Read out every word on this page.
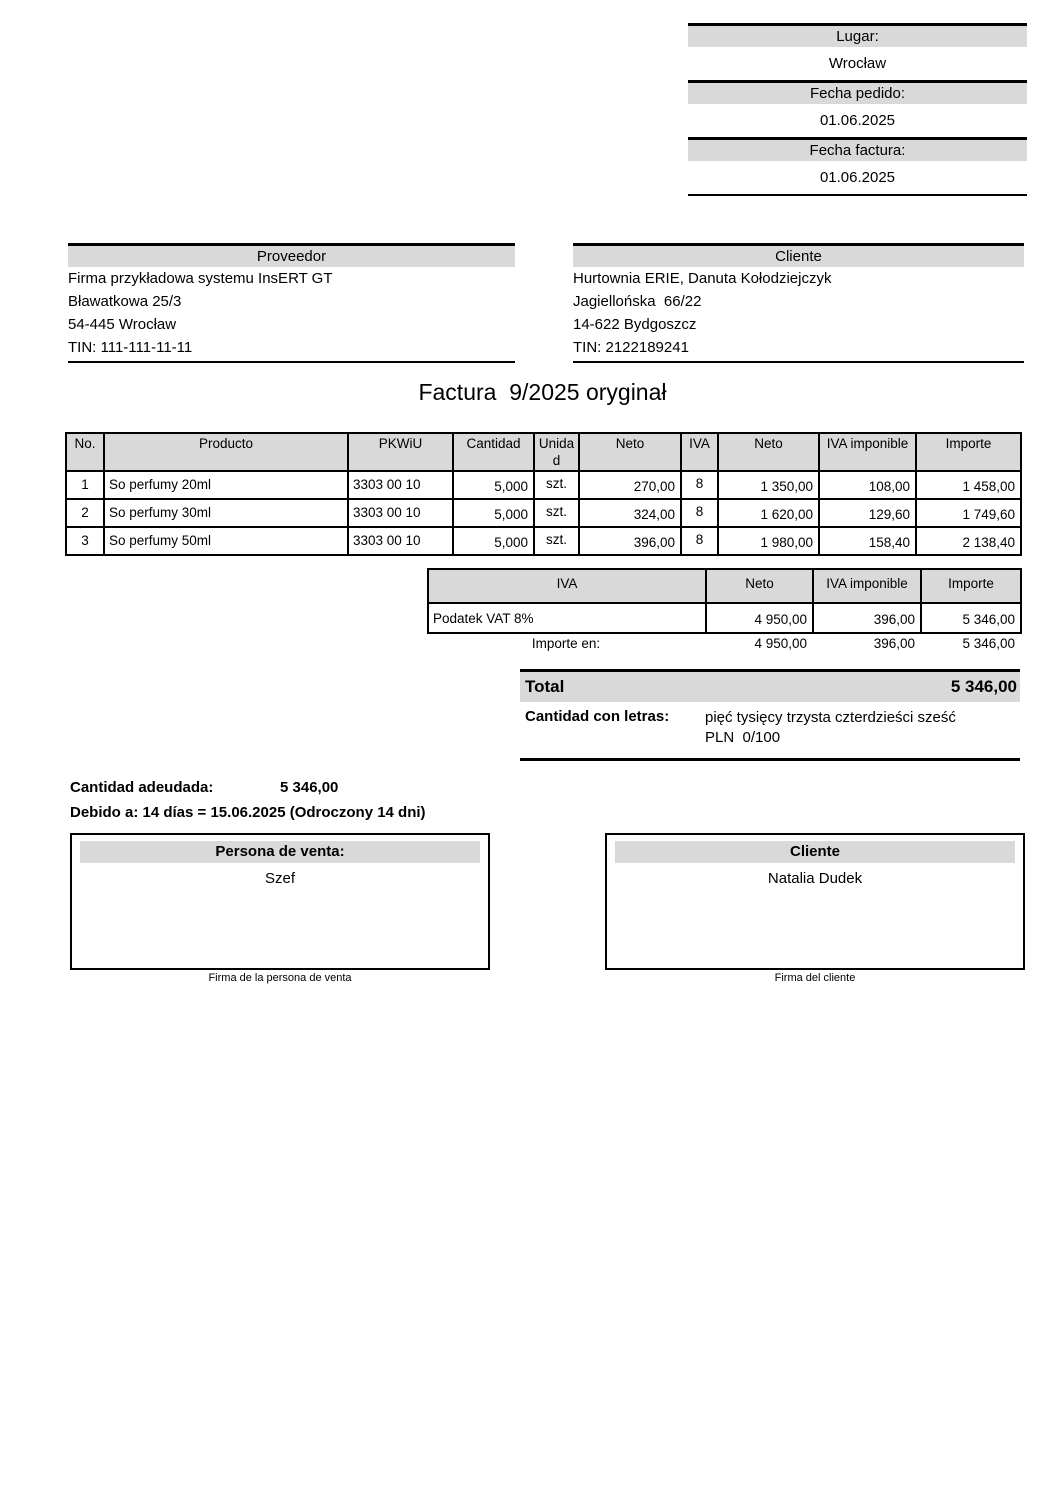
Lugar:
Wrocław
Fecha pedido:
01.06.2025
Fecha factura:
01.06.2025
Proveedor
Firma przykładowa systemu InsERT GT
Bławatkowa 25/3
54-445 Wrocław
TIN: 111-111-11-11
Cliente
Hurtownia ERIE, Danuta Kołodziejczyk
Jagiellońska  66/22
14-622 Bydgoszcz
TIN: 2122189241
Factura  9/2025 oryginał
No.	Producto	PKWiU	Cantidad	Unidad	Neto	IVA	Neto	IVA imponible	Importe
1	So perfumy 20ml	3303 00 10	5,000	szt.	270,00	8	1 350,00	108,00	1 458,00
2	So perfumy 30ml	3303 00 10	5,000	szt.	324,00	8	1 620,00	129,60	1 749,60
3	So perfumy 50ml	3303 00 10	5,000	szt.	396,00	8	1 980,00	158,40	2 138,40
IVA	Neto	IVA imponible	Importe
Podatek VAT 8%	4 950,00	396,00	5 346,00
Importe en:	4 950,00	396,00	5 346,00
Total	5 346,00
Cantidad con letras:	pięć tysięcy trzysta czterdzieści sześć
PLN  0/100
Cantidad adeudada:	5 346,00
Debido a: 14 días = 15.06.2025 (Odroczony 14 dni)
Persona de venta:
Szef
Cliente
Natalia Dudek
Firma de la persona de venta	Firma del cliente
